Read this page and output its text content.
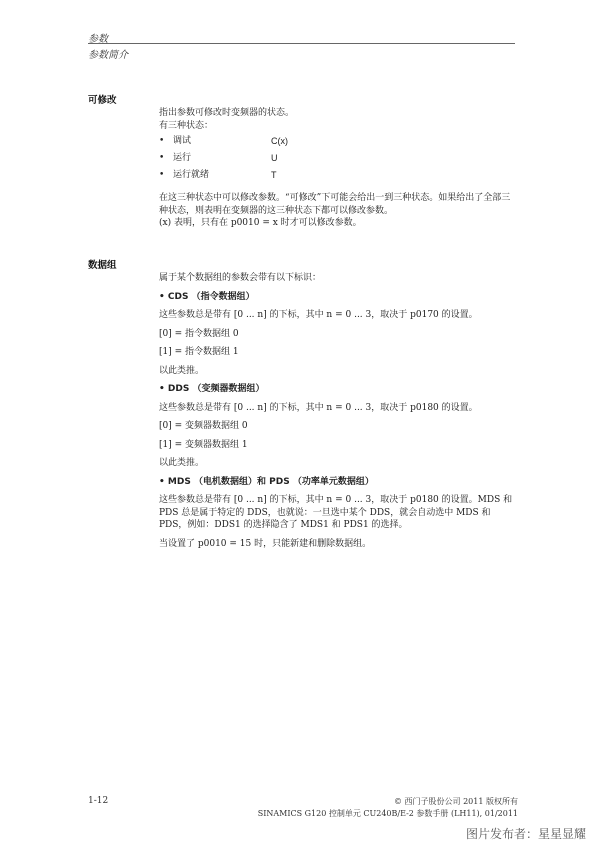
参数
参数简介
可修改

指出参数可修改时变频器的状态。

有三种状态：

• 调试	C(x)
• 运行	U
• 运行就绪	T

在这三种状态中可以修改参数。“可修改”下可能会给出一到三种状态。如果给出了全部三种状态，则表明在变频器的这三种状态下都可以修改参数。

(x) 表明，只有在 p0010 = x 时才可以修改参数。

数据组

属于某个数据组的参数会带有以下标识：

• CDS （指令数据组）

这些参数总是带有 [0 ... n] 的下标，其中 n = 0 ... 3，取决于 p0170 的设置。

[0] = 指令数据组 0

[1] = 指令数据组 1

以此类推。

• DDS （变频器数据组）

这些参数总是带有 [0 ... n] 的下标，其中 n = 0 ... 3，取决于 p0180 的设置。

[0] = 变频器数据组 0

[1] = 变频器数据组 1

以此类推。

• MDS （电机数据组）和 PDS （功率单元数据组）

这些参数总是带有 [0 ... n] 的下标，其中 n = 0 ... 3，取决于 p0180 的设置。MDS 和 PDS 总是属于特定的 DDS，也就说：一旦选中某个 DDS，就会自动选中 MDS 和 PDS，例如：DDS1 的选择隐含了 MDS1 和 PDS1 的选择。

当设置了 p0010 = 15 时，只能新建和删除数据组。

1-12	© 西门子股份公司 2011 版权所有
SINAMICS G120 控制单元 CU240B/E-2 参数手册 (LH11), 01/2011
图片发布者：星星显耀
